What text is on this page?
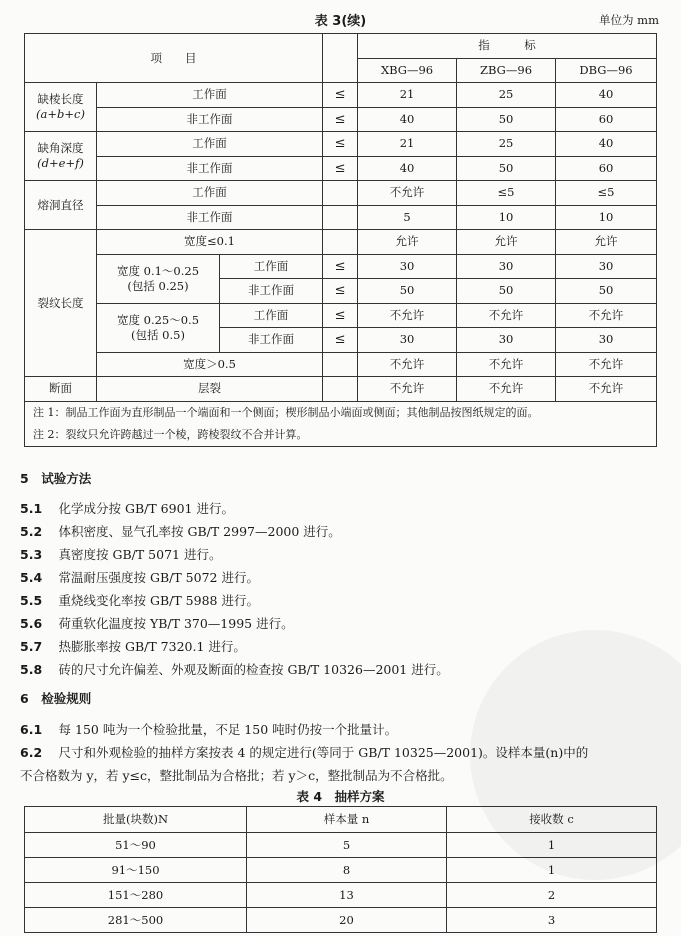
表 3(续)	单位为 mm
项　　目				指　　　标		
				XBG—96	ZBG—96	DBG—96

缺棱长度
(a+b+c)	工作面		≤	21	25	40
	非工作面		≤	40	50	60

缺角深度
(d+e+f)	工作面		≤	21	25	40
	非工作面		≤	40	50	60
熔洞直径	工作面			不允许	≤5	≤5
	非工作面			5	10	10
裂纹长度	宽度≤0.1			允许	允许	允许

	宽度 0.1～0.25
(包括 0.25)	工作面	≤	30	30	30
		非工作面	≤	50	50	50

	宽度 0.25～0.5
(包括 0.5)	工作面	≤	不允许	不允许	不允许
		非工作面	≤	30	30	30
	宽度＞0.5			不允许	不允许	不允许
断面	层裂			不允许	不允许	不允许

注 1：制品工作面为直形制品一个端面和一个侧面；楔形制品小端面或侧面；其他制品按图纸规定的面。
注 2：裂纹只允许跨越过一个棱，跨棱裂纹不合并计算。						
5　试验方法
5.1　 化学成分按 GB/T 6901 进行。
5.2　 体积密度、显气孔率按 GB/T 2997—2000 进行。
5.3　 真密度按 GB/T 5071 进行。
5.4　 常温耐压强度按 GB/T 5072 进行。
5.5　 重烧线变化率按 GB/T 5988 进行。
5.6　 荷重软化温度按 YB/T 370—1995 进行。
5.7　 热膨胀率按 GB/T 7320.1 进行。
5.8　 砖的尺寸允许偏差、外观及断面的检查按 GB/T 10326—2001 进行。
6　检验规则
6.1　 每 150 吨为一个检验批量，不足 150 吨时仍按一个批量计。
6.2　 尺寸和外观检验的抽样方案按表 4 的规定进行(等同于 GB/T 10325—2001)。设样本量(n)中的
不合格数为 y，若 y≤c，整批制品为合格批；若 y＞c，整批制品为不合格批。
表 4　抽样方案
批量(块数)N	样本量 n	接收数 c
51～90	5	1
91～150	8	1
151～280	13	2
281～500	20	3
